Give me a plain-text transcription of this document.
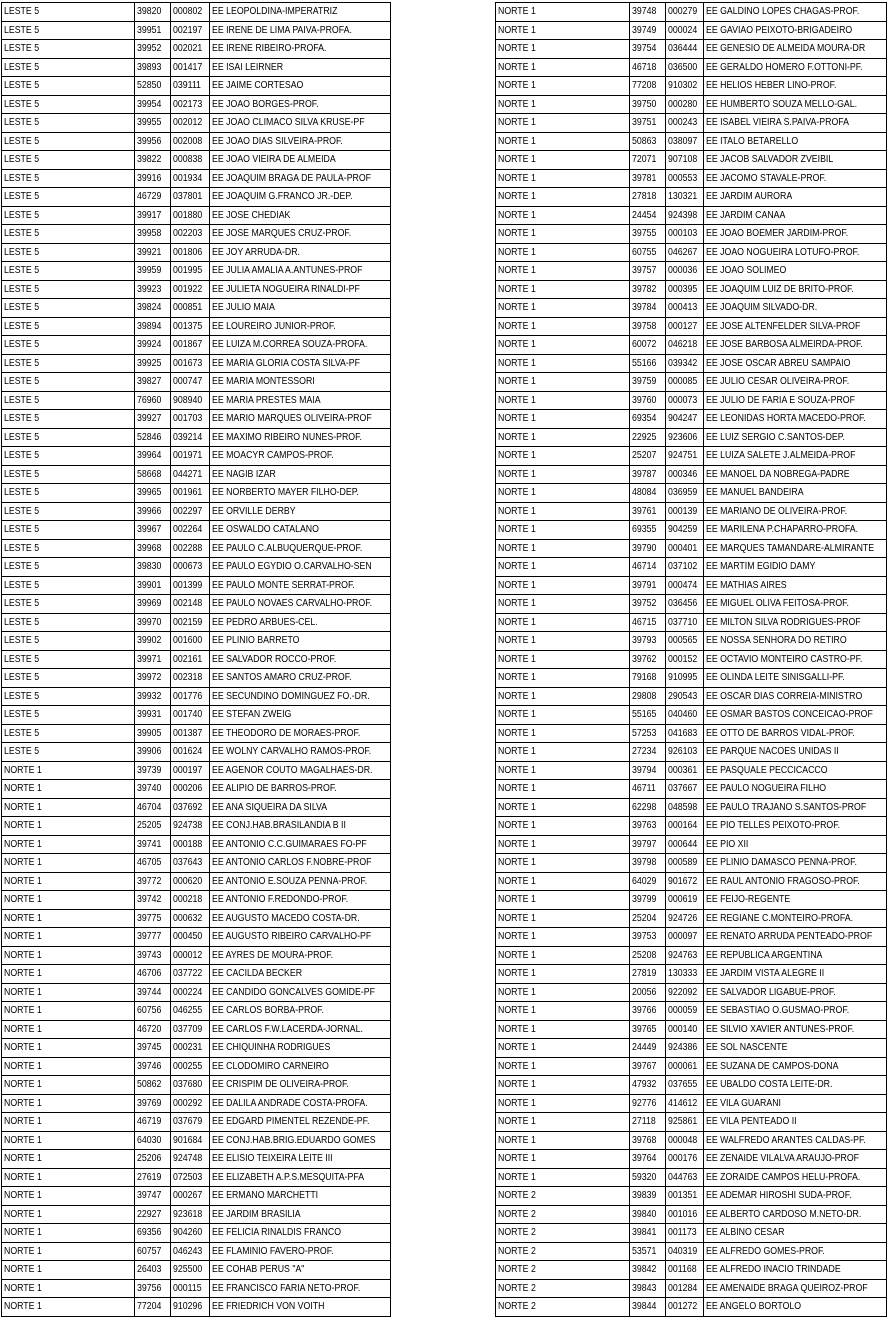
LESTE 5	39820	000802	EE LEOPOLDINA-IMPERATRIZ
LESTE 5	39951	002197	EE IRENE DE LIMA PAIVA-PROFA.
LESTE 5	39952	002021	EE IRENE RIBEIRO-PROFA.
LESTE 5	39893	001417	EE ISAI LEIRNER
LESTE 5	52850	039111	EE JAIME CORTESAO
LESTE 5	39954	002173	EE JOAO BORGES-PROF.
LESTE 5	39955	002012	EE JOAO CLIMACO SILVA KRUSE-PF
LESTE 5	39956	002008	EE JOAO DIAS SILVEIRA-PROF.
LESTE 5	39822	000838	EE JOAO VIEIRA DE ALMEIDA
LESTE 5	39916	001934	EE JOAQUIM BRAGA DE PAULA-PROF
LESTE 5	46729	037801	EE JOAQUIM G.FRANCO JR.-DEP.
LESTE 5	39917	001880	EE JOSE CHEDIAK
LESTE 5	39958	002203	EE JOSE MARQUES CRUZ-PROF.
LESTE 5	39921	001806	EE JOY ARRUDA-DR.
LESTE 5	39959	001995	EE JULIA AMALIA A.ANTUNES-PROF
LESTE 5	39923	001922	EE JULIETA NOGUEIRA RINALDI-PF
LESTE 5	39824	000851	EE JULIO MAIA
LESTE 5	39894	001375	EE LOUREIRO JUNIOR-PROF.
LESTE 5	39924	001867	EE LUIZA M.CORREA SOUZA-PROFA.
LESTE 5	39925	001673	EE MARIA GLORIA COSTA SILVA-PF
LESTE 5	39827	000747	EE MARIA MONTESSORI
LESTE 5	76960	908940	EE MARIA PRESTES MAIA
LESTE 5	39927	001703	EE MARIO MARQUES OLIVEIRA-PROF
LESTE 5	52846	039214	EE MAXIMO RIBEIRO NUNES-PROF.
LESTE 5	39964	001971	EE MOACYR CAMPOS-PROF.
LESTE 5	58668	044271	EE NAGIB IZAR
LESTE 5	39965	001961	EE NORBERTO MAYER FILHO-DEP.
LESTE 5	39966	002297	EE ORVILLE DERBY
LESTE 5	39967	002264	EE OSWALDO CATALANO
LESTE 5	39968	002288	EE PAULO C.ALBUQUERQUE-PROF.
LESTE 5	39830	000673	EE PAULO EGYDIO O.CARVALHO-SEN
LESTE 5	39901	001399	EE PAULO MONTE SERRAT-PROF.
LESTE 5	39969	002148	EE PAULO NOVAES CARVALHO-PROF.
LESTE 5	39970	002159	EE PEDRO ARBUES-CEL.
LESTE 5	39902	001600	EE PLINIO BARRETO
LESTE 5	39971	002161	EE SALVADOR ROCCO-PROF.
LESTE 5	39972	002318	EE SANTOS AMARO CRUZ-PROF.
LESTE 5	39932	001776	EE SECUNDINO DOMINGUEZ FO.-DR.
LESTE 5	39931	001740	EE STEFAN ZWEIG
LESTE 5	39905	001387	EE THEODORO DE MORAES-PROF.
LESTE 5	39906	001624	EE WOLNY CARVALHO RAMOS-PROF.
NORTE 1	39739	000197	EE AGENOR COUTO MAGALHAES-DR.
NORTE 1	39740	000206	EE ALIPIO DE BARROS-PROF.
NORTE 1	46704	037692	EE ANA SIQUEIRA DA SILVA
NORTE 1	25205	924738	EE CONJ.HAB.BRASILANDIA B II
NORTE 1	39741	000188	EE ANTONIO C.C.GUIMARAES FO-PF
NORTE 1	46705	037643	EE ANTONIO CARLOS F.NOBRE-PROF
NORTE 1	39772	000620	EE ANTONIO E.SOUZA PENNA-PROF.
NORTE 1	39742	000218	EE ANTONIO F.REDONDO-PROF.
NORTE 1	39775	000632	EE AUGUSTO MACEDO COSTA-DR.
NORTE 1	39777	000450	EE AUGUSTO RIBEIRO CARVALHO-PF
NORTE 1	39743	000012	EE AYRES DE MOURA-PROF.
NORTE 1	46706	037722	EE CACILDA BECKER
NORTE 1	39744	000224	EE CANDIDO GONCALVES GOMIDE-PF
NORTE 1	60756	046255	EE CARLOS BORBA-PROF.
NORTE 1	46720	037709	EE CARLOS F.W.LACERDA-JORNAL.
NORTE 1	39745	000231	EE CHIQUINHA RODRIGUES
NORTE 1	39746	000255	EE CLODOMIRO CARNEIRO
NORTE 1	50862	037680	EE CRISPIM DE OLIVEIRA-PROF.
NORTE 1	39769	000292	EE DALILA ANDRADE COSTA-PROFA.
NORTE 1	46719	037679	EE EDGARD PIMENTEL REZENDE-PF.
NORTE 1	64030	901684	EE CONJ.HAB.BRIG.EDUARDO GOMES
NORTE 1	25206	924748	EE ELISIO TEIXEIRA LEITE III
NORTE 1	27619	072503	EE ELIZABETH A.P.S.MESQUITA-PFA
NORTE 1	39747	000267	EE ERMANO MARCHETTI
NORTE 1	22927	923618	EE JARDIM BRASILIA
NORTE 1	69356	904260	EE FELICIA RINALDIS FRANCO
NORTE 1	60757	046243	EE FLAMINIO FAVERO-PROF.
NORTE 1	26403	925500	EE COHAB PERUS "A"
NORTE 1	39756	000115	EE FRANCISCO FARIA NETO-PROF.
NORTE 1	77204	910296	EE FRIEDRICH VON VOITH
NORTE 1	39748	000279	EE GALDINO LOPES CHAGAS-PROF.
NORTE 1	39749	000024	EE GAVIAO PEIXOTO-BRIGADEIRO
NORTE 1	39754	036444	EE GENESIO DE ALMEIDA MOURA-DR
NORTE 1	46718	036500	EE GERALDO HOMERO F.OTTONI-PF.
NORTE 1	77208	910302	EE HELIOS HEBER LINO-PROF.
NORTE 1	39750	000280	EE HUMBERTO SOUZA MELLO-GAL.
NORTE 1	39751	000243	EE ISABEL VIEIRA S.PAIVA-PROFA
NORTE 1	50863	038097	EE ITALO BETARELLO
NORTE 1	72071	907108	EE JACOB SALVADOR ZVEIBIL
NORTE 1	39781	000553	EE JACOMO STAVALE-PROF.
NORTE 1	27818	130321	EE JARDIM AURORA
NORTE 1	24454	924398	EE JARDIM CANAA
NORTE 1	39755	000103	EE JOAO BOEMER JARDIM-PROF.
NORTE 1	60755	046267	EE JOAO NOGUEIRA LOTUFO-PROF.
NORTE 1	39757	000036	EE JOAO SOLIMEO
NORTE 1	39782	000395	EE JOAQUIM LUIZ DE BRITO-PROF.
NORTE 1	39784	000413	EE JOAQUIM SILVADO-DR.
NORTE 1	39758	000127	EE JOSE ALTENFELDER SILVA-PROF
NORTE 1	60072	046218	EE JOSE BARBOSA ALMEIRDA-PROF.
NORTE 1	55166	039342	EE JOSE OSCAR ABREU SAMPAIO
NORTE 1	39759	000085	EE JULIO CESAR OLIVEIRA-PROF.
NORTE 1	39760	000073	EE JULIO DE FARIA E SOUZA-PROF
NORTE 1	69354	904247	EE LEONIDAS HORTA MACEDO-PROF.
NORTE 1	22925	923606	EE LUIZ SERGIO C.SANTOS-DEP.
NORTE 1	25207	924751	EE LUIZA SALETE J.ALMEIDA-PROF
NORTE 1	39787	000346	EE MANOEL DA NOBREGA-PADRE
NORTE 1	48084	036959	EE MANUEL BANDEIRA
NORTE 1	39761	000139	EE MARIANO DE OLIVEIRA-PROF.
NORTE 1	69355	904259	EE MARILENA P.CHAPARRO-PROFA.
NORTE 1	39790	000401	EE MARQUES TAMANDARE-ALMIRANTE
NORTE 1	46714	037102	EE MARTIM EGIDIO DAMY
NORTE 1	39791	000474	EE MATHIAS AIRES
NORTE 1	39752	036456	EE MIGUEL OLIVA FEITOSA-PROF.
NORTE 1	46715	037710	EE MILTON SILVA RODRIGUES-PROF
NORTE 1	39793	000565	EE NOSSA SENHORA DO RETIRO
NORTE 1	39762	000152	EE OCTAVIO MONTEIRO CASTRO-PF.
NORTE 1	79168	910995	EE OLINDA LEITE SINISGALLI-PF.
NORTE 1	29808	290543	EE OSCAR DIAS CORREIA-MINISTRO
NORTE 1	55165	040460	EE OSMAR BASTOS CONCEICAO-PROF
NORTE 1	57253	041683	EE OTTO DE BARROS VIDAL-PROF.
NORTE 1	27234	926103	EE PARQUE NACOES UNIDAS II
NORTE 1	39794	000361	EE PASQUALE PECCICACCO
NORTE 1	46711	037667	EE PAULO NOGUEIRA FILHO
NORTE 1	62298	048598	EE PAULO TRAJANO S.SANTOS-PROF
NORTE 1	39763	000164	EE PIO TELLES PEIXOTO-PROF.
NORTE 1	39797	000644	EE PIO XII
NORTE 1	39798	000589	EE PLINIO DAMASCO PENNA-PROF.
NORTE 1	64029	901672	EE RAUL ANTONIO FRAGOSO-PROF.
NORTE 1	39799	000619	EE FEIJO-REGENTE
NORTE 1	25204	924726	EE REGIANE C.MONTEIRO-PROFA.
NORTE 1	39753	000097	EE RENATO ARRUDA PENTEADO-PROF
NORTE 1	25208	924763	EE REPUBLICA ARGENTINA
NORTE 1	27819	130333	EE JARDIM VISTA ALEGRE II
NORTE 1	20056	922092	EE SALVADOR LIGABUE-PROF.
NORTE 1	39766	000059	EE SEBASTIAO O.GUSMAO-PROF.
NORTE 1	39765	000140	EE SILVIO XAVIER ANTUNES-PROF.
NORTE 1	24449	924386	EE SOL NASCENTE
NORTE 1	39767	000061	EE SUZANA DE CAMPOS-DONA
NORTE 1	47932	037655	EE UBALDO COSTA LEITE-DR.
NORTE 1	92776	414612	EE VILA GUARANI
NORTE 1	27118	925861	EE VILA PENTEADO II
NORTE 1	39768	000048	EE WALFREDO ARANTES CALDAS-PF.
NORTE 1	39764	000176	EE ZENAIDE VILALVA ARAUJO-PROF
NORTE 1	59320	044763	EE ZORAIDE CAMPOS HELU-PROFA.
NORTE 2	39839	001351	EE ADEMAR HIROSHI SUDA-PROF.
NORTE 2	39840	001016	EE ALBERTO CARDOSO M.NETO-DR.
NORTE 2	39841	001173	EE ALBINO CESAR
NORTE 2	53571	040319	EE ALFREDO GOMES-PROF.
NORTE 2	39842	001168	EE ALFREDO INACIO TRINDADE
NORTE 2	39843	001284	EE AMENAIDE BRAGA QUEIROZ-PROF
NORTE 2	39844	001272	EE ANGELO BORTOLO
